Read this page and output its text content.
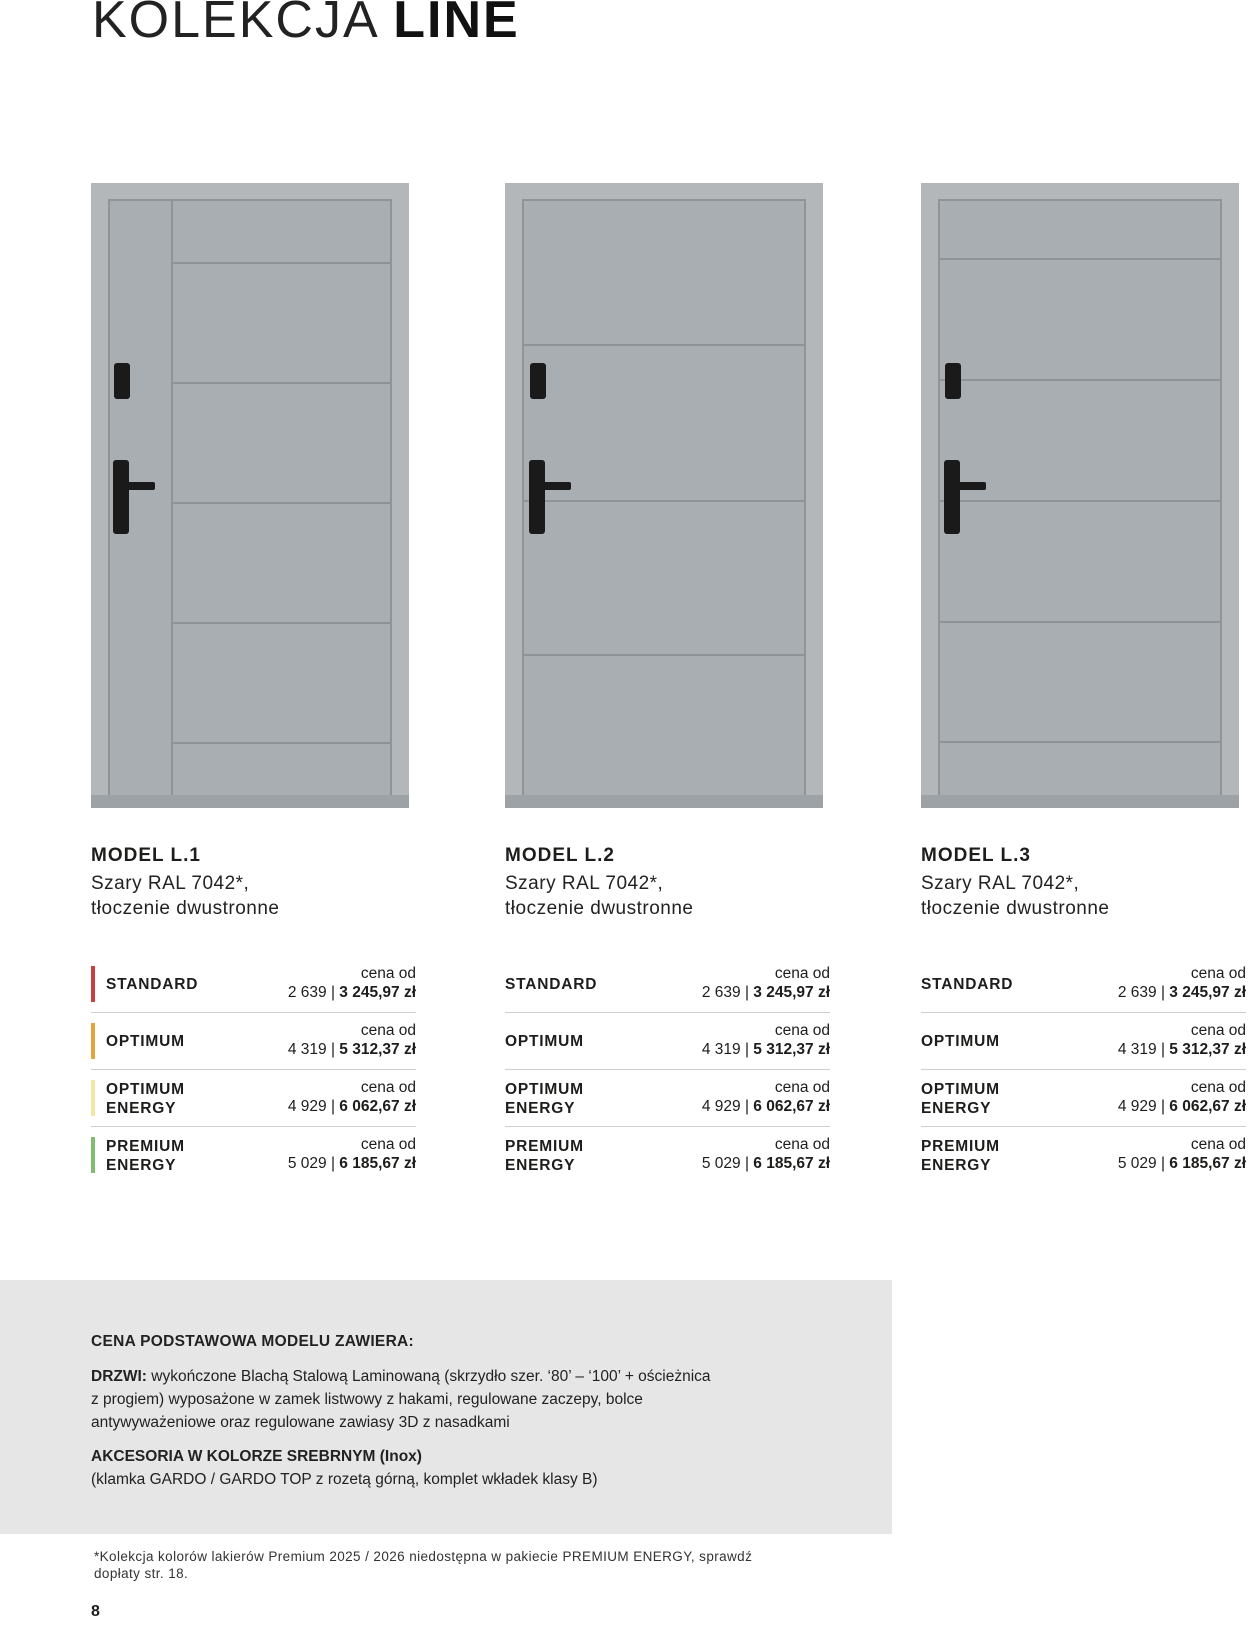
KOLEKCJA LINE
MODEL L.1
Szary RAL 7042*,
tłoczenie dwustronne
MODEL L.2
Szary RAL 7042*,
tłoczenie dwustronne
MODEL L.3
Szary RAL 7042*,
tłoczenie dwustronne
STANDARD
cena od
2 639 | 3 245,97 zł
OPTIMUM
cena od
4 319 | 5 312,37 zł
OPTIMUM
ENERGY
cena od
4 929 | 6 062,67 zł
PREMIUM
ENERGY
cena od
5 029 | 6 185,67 zł
STANDARD
cena od
2 639 | 3 245,97 zł
OPTIMUM
cena od
4 319 | 5 312,37 zł
OPTIMUM
ENERGY
cena od
4 929 | 6 062,67 zł
PREMIUM
ENERGY
cena od
5 029 | 6 185,67 zł
STANDARD
cena od
2 639 | 3 245,97 zł
OPTIMUM
cena od
4 319 | 5 312,37 zł
OPTIMUM
ENERGY
cena od
4 929 | 6 062,67 zł
PREMIUM
ENERGY
cena od
5 029 | 6 185,67 zł
CENA PODSTAWOWA MODELU ZAWIERA:

DRZWI: wykończone Blachą Stalową Laminowaną (skrzydło szer. ‘80’ – ‘100’ + ościeżnica
z progiem) wyposażone w zamek listwowy z hakami, regulowane zaczepy, bolce
antywyważeniowe oraz regulowane zawiasy 3D z nasadkami

AKCESORIA W KOLORZE SREBRNYM (Inox)
(klamka GARDO / GARDO TOP z rozetą górną, komplet wkładek klasy B)

*Kolekcja kolorów lakierów Premium 2025 / 2026 niedostępna w pakiecie PREMIUM ENERGY, sprawdź
dopłaty str. 18.
8
